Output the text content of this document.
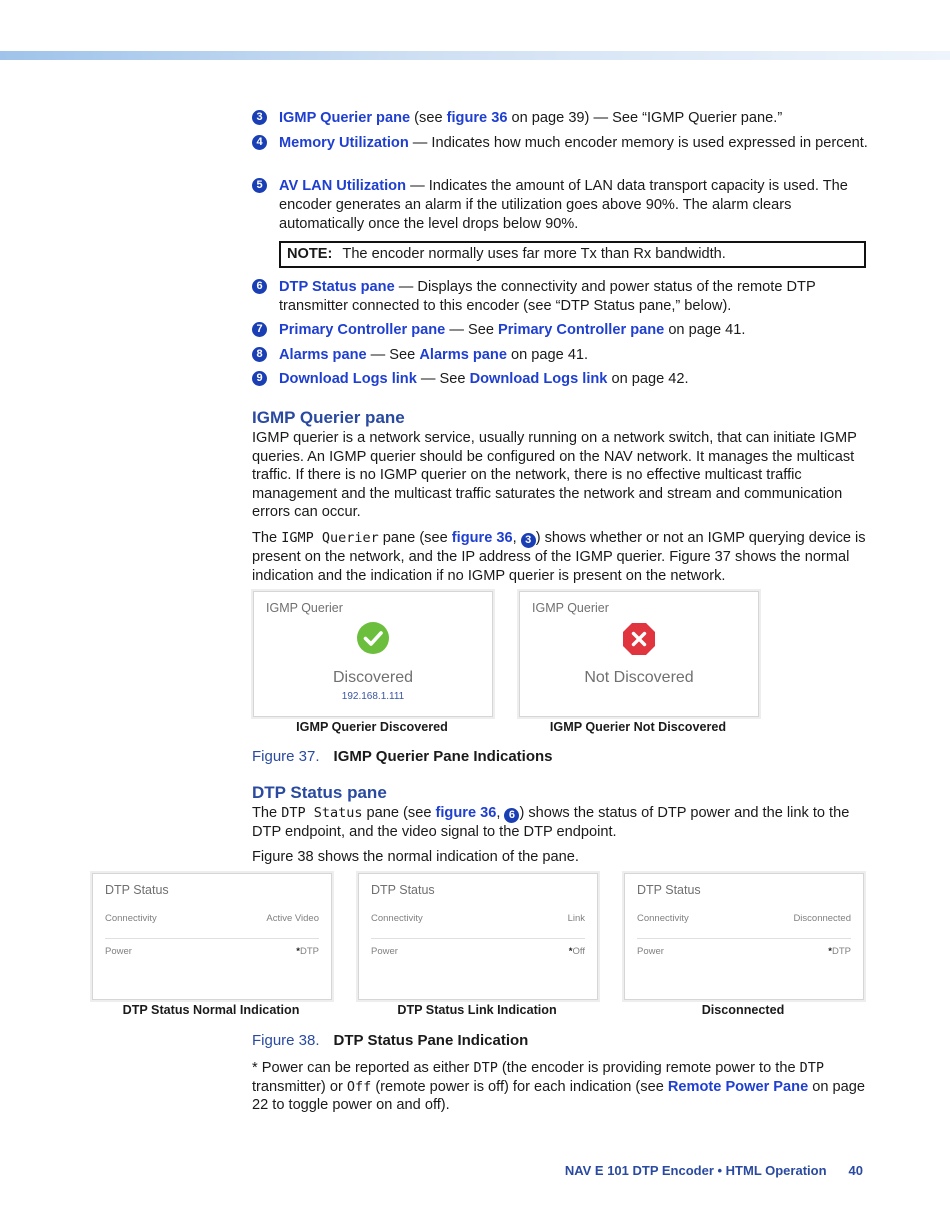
3	IGMP Querier pane (see figure 36 on page 39) — See “IGMP Querier pane.”
4	Memory Utilization — Indicates how much encoder memory is used expressed in percent.
5	AV LAN Utilization — Indicates the amount of LAN data transport capacity is used. The encoder generates an alarm if the utilization goes above 90%. The alarm clears automatically once the level drops below 90%.
NOTE: The encoder normally uses far more Tx than Rx bandwidth.
6	DTP Status pane — Displays the connectivity and power status of the remote DTP transmitter connected to this encoder (see “DTP Status pane,” below).
7	Primary Controller pane — See Primary Controller pane on page 41.
8	Alarms pane — See Alarms pane on page 41.
9	Download Logs link — See Download Logs link on page 42.
IGMP Querier pane
IGMP querier is a network service, usually running on a network switch, that can initiate IGMP queries. An IGMP querier should be configured on the NAV network. It manages the multicast traffic. If there is no IGMP querier on the network, there is no effective multicast traffic management and the multicast traffic saturates the network and stream and communication errors can occur.
The IGMP Querier pane (see figure 36, 3 ) shows whether or not an IGMP querying device is present on the network, and the IP address of the IGMP querier. Figure 37 shows the normal indication and the indication if no IGMP querier is present on the network.
IGMP Querier
Discovered
192.168.1.111
IGMP Querier Discovered
IGMP Querier
Not Discovered
IGMP Querier Not Discovered
Figure 37. IGMP Querier Pane Indications
DTP Status pane
The DTP Status pane (see figure 36, 6 ) shows the status of DTP power and the link to the DTP endpoint, and the video signal to the DTP endpoint.
Figure 38 shows the normal indication of the pane.
DTP Status
Connectivity	Active Video
Power	*DTP
DTP Status Normal Indication
DTP Status
Connectivity	Link
Power	*Off
DTP Status Link Indication
DTP Status
Connectivity	Disconnected
Power	*DTP
Disconnected
Figure 38. DTP Status Pane Indication
* Power can be reported as either DTP (the encoder is providing remote power to the DTP transmitter) or Off (remote power is off) for each indication (see Remote Power Pane on page 22 to toggle power on and off).
NAV E 101 DTP Encoder • HTML Operation 40
